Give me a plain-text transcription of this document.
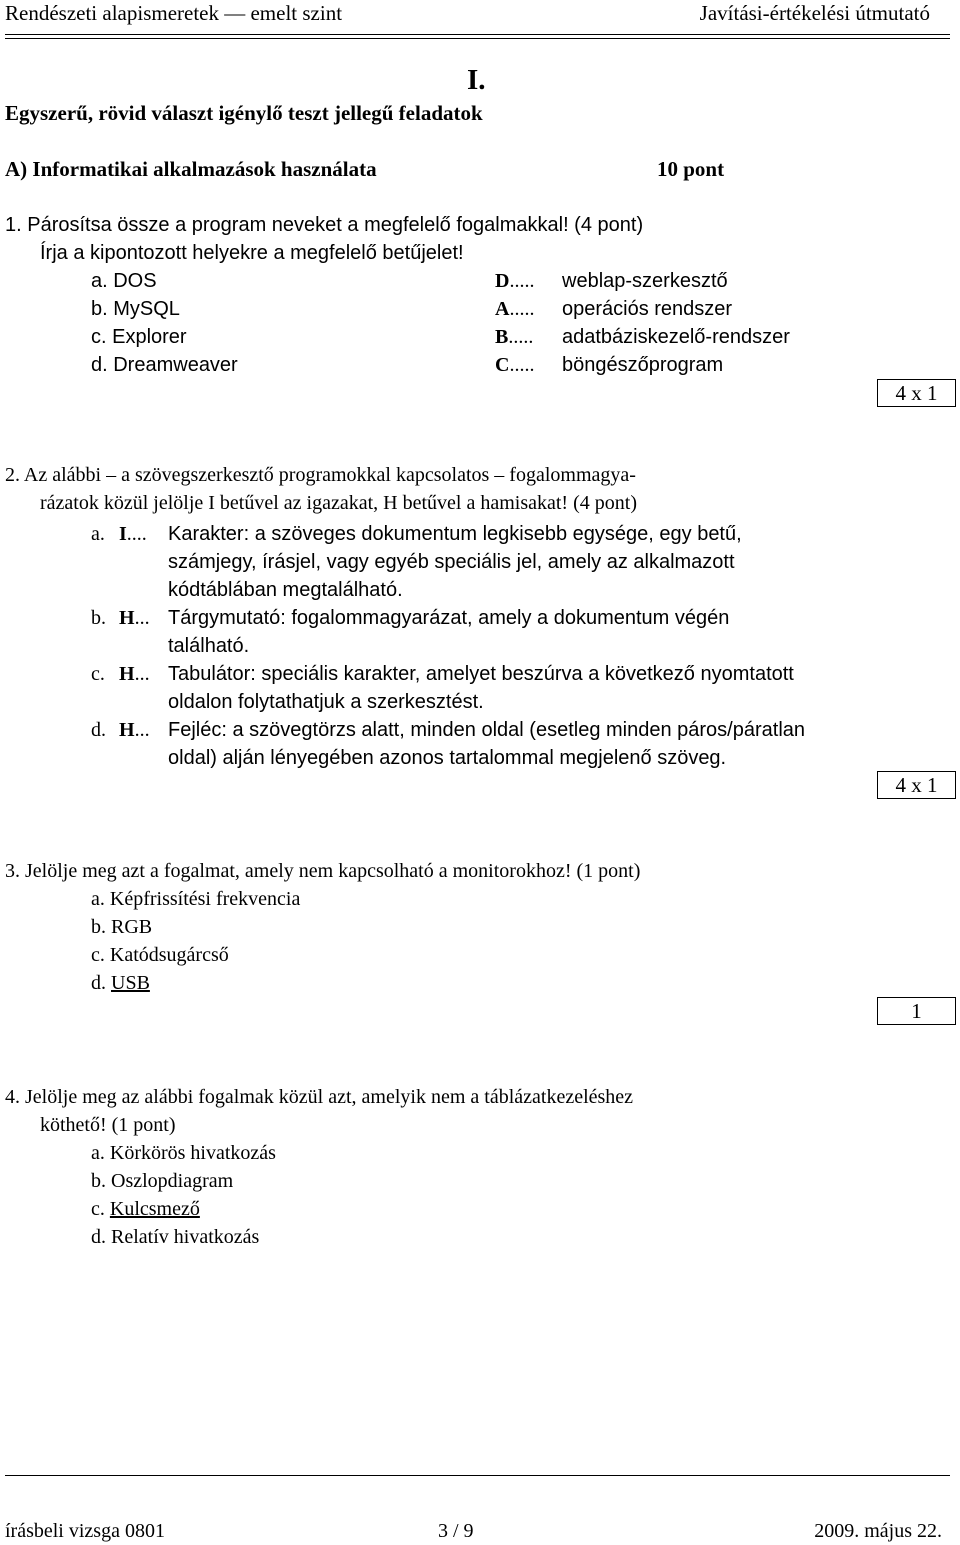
Rendészeti alapismeretek — emelt szint	Javítási-értékelési útmutató
I.
Egyszerű, rövid választ igénylő teszt jellegű feladatok
A) Informatikai alkalmazások használata	10 pont
1. Párosítsa össze a program neveket a megfelelő fogalmakkal! (4 pont)
Írja a kipontozott helyekre a megfelelő betűjelet!
a. DOS	D..... weblap-szerkesztő
b. MySQL	A..... operációs rendszer
c. Explorer	B..... adatbáziskezelő-rendszer
d. Dreamweaver	C..... böngészőprogram
4 x 1
2. Az alábbi – a szövegszerkesztő programokkal kapcsolatos – fogalommagya-
rázatok közül jelölje I betűvel az igazakat, H betűvel a hamisakat! (4 pont)
a. I.... Karakter: a szöveges dokumentum legkisebb egysége, egy betű,
számjegy, írásjel, vagy egyéb speciális jel, amely az alkalmazott
kódtáblában megtalálható.
b. H... Tárgymutató: fogalommagyarázat, amely a dokumentum végén
található.
c. H... Tabulátor: speciális karakter, amelyet beszúrva a következő nyomtatott
oldalon folytathatjuk a szerkesztést.
d. H... Fejléc: a szövegtörzs alatt, minden oldal (esetleg minden páros/páratlan
oldal) alján lényegében azonos tartalommal megjelenő szöveg.
4 x 1
3. Jelölje meg azt a fogalmat, amely nem kapcsolható a monitorokhoz! (1 pont)
a. Képfrissítési frekvencia
b. RGB
c. Katódsugárcső
d. USB
1
4. Jelölje meg az alábbi fogalmak közül azt, amelyik nem a táblázatkezeléshez
köthető! (1 pont)
a. Körkörös hivatkozás
b. Oszlopdiagram
c. Kulcsmező
d. Relatív hivatkozás
írásbeli vizsga 0801	3 / 9	2009. május 22.
